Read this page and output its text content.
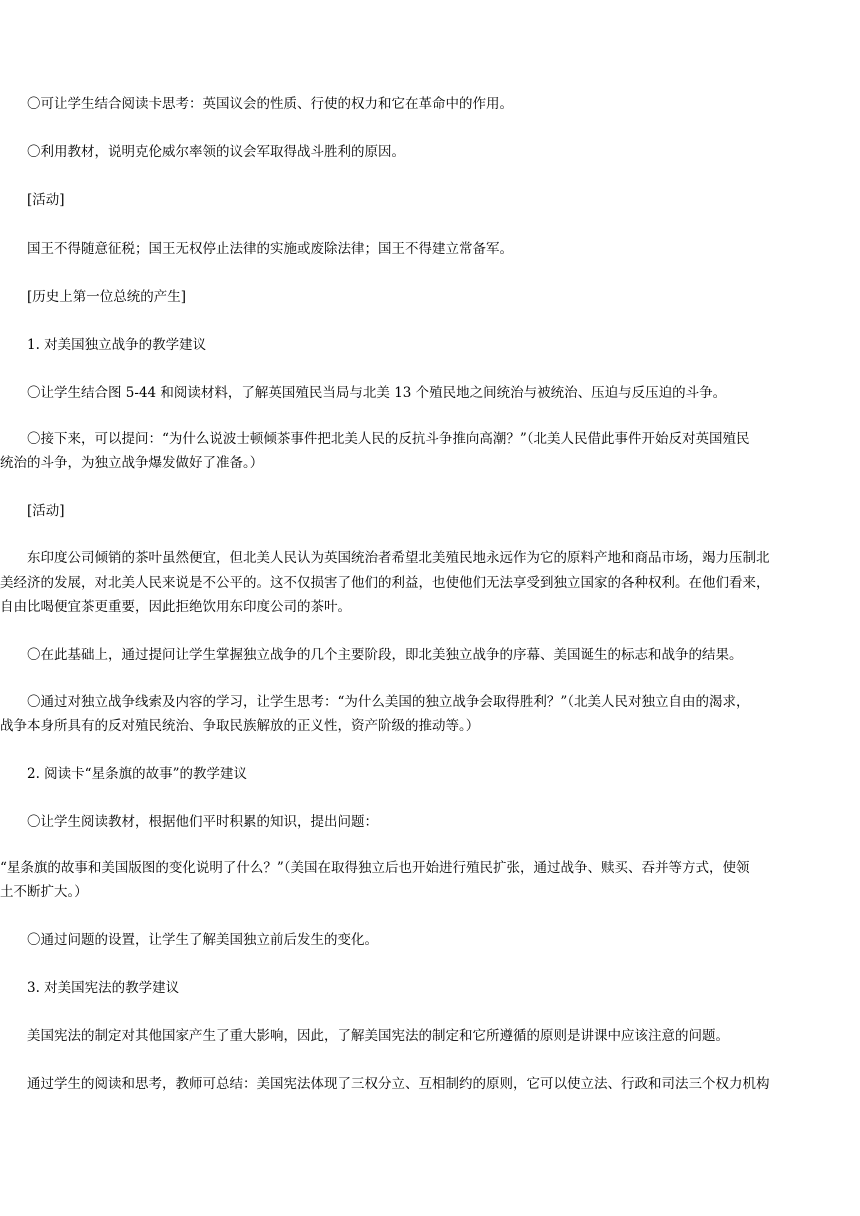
〇可让学生结合阅读卡思考：英国议会的性质、行使的权力和它在革命中的作用。
〇利用教材，说明克伦威尔率领的议会军取得战斗胜利的原因。
[活动]
国王不得随意征税；国王无权停止法律的实施或废除法律；国王不得建立常备军。
[历史上第一位总统的产生]
1. 对美国独立战争的教学建议
〇让学生结合图 5-44 和阅读材料，了解英国殖民当局与北美 13 个殖民地之间统治与被统治、压迫与反压迫的斗争。
〇接下来，可以提问：“为什么说波士顿倾茶事件把北美人民的反抗斗争推向高潮？”（北美人民借此事件开始反对英国殖民
统治的斗争，为独立战争爆发做好了准备。）
[活动]
东印度公司倾销的茶叶虽然便宜，但北美人民认为英国统治者希望北美殖民地永远作为它的原料产地和商品市场，竭力压制北
美经济的发展，对北美人民来说是不公平的。这不仅损害了他们的利益，也使他们无法享受到独立国家的各种权利。在他们看来，
自由比喝便宜茶更重要，因此拒绝饮用东印度公司的茶叶。
〇在此基础上，通过提问让学生掌握独立战争的几个主要阶段，即北美独立战争的序幕、美国诞生的标志和战争的结果。
〇通过对独立战争线索及内容的学习，让学生思考：“为什么美国的独立战争会取得胜利？”（北美人民对独立自由的渴求，
战争本身所具有的反对殖民统治、争取民族解放的正义性，资产阶级的推动等。）
2. 阅读卡“星条旗的故事”的教学建议
〇让学生阅读教材，根据他们平时积累的知识，提出问题：
“星条旗的故事和美国版图的变化说明了什么？”（美国在取得独立后也开始进行殖民扩张，通过战争、赎买、吞并等方式，使领
土不断扩大。）
〇通过问题的设置，让学生了解美国独立前后发生的变化。
3. 对美国宪法的教学建议
美国宪法的制定对其他国家产生了重大影响，因此，了解美国宪法的制定和它所遵循的原则是讲课中应该注意的问题。
通过学生的阅读和思考，教师可总结：美国宪法体现了三权分立、互相制约的原则，它可以使立法、行政和司法三个权力机构
